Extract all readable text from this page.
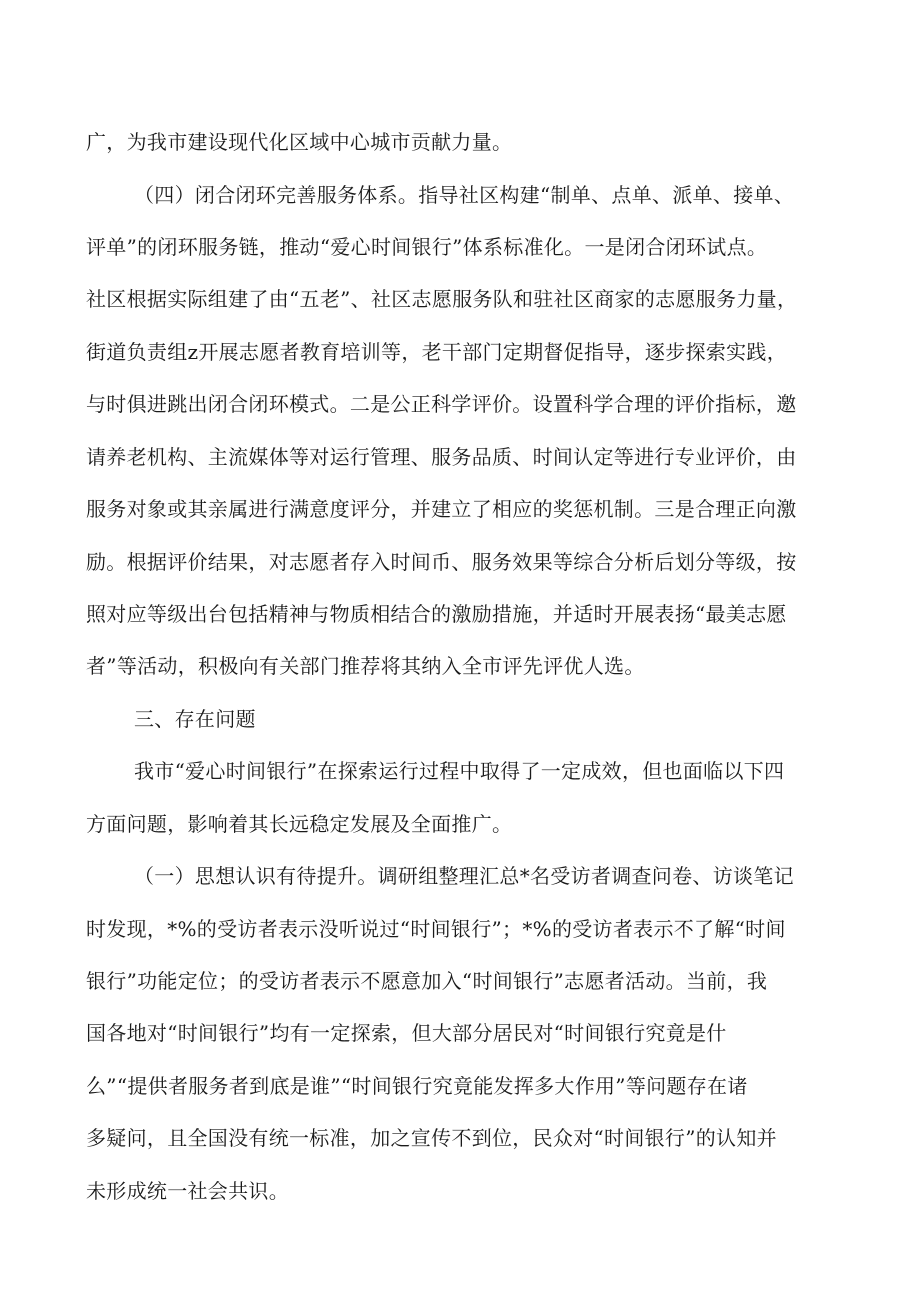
广，为我市建设现代化区域中心城市贡献力量。

（四）闭合闭环完善服务体系。指导社区构建“制单、点单、派单、接单、

评单”的闭环服务链，推动“爱心时间银行”体系标准化。一是闭合闭环试点。

社区根据实际组建了由“五老”、社区志愿服务队和驻社区商家的志愿服务力量，

街道负责组z开展志愿者教育培训等，老干部门定期督促指导，逐步探索实践，

与时俱进跳出闭合闭环模式。二是公正科学评价。设置科学合理的评价指标，邀

请养老机构、主流媒体等对运行管理、服务品质、时间认定等进行专业评价，由

服务对象或其亲属进行满意度评分，并建立了相应的奖惩机制。三是合理正向激

励。根据评价结果，对志愿者存入时间币、服务效果等综合分析后划分等级，按

照对应等级出台包括精神与物质相结合的激励措施，并适时开展表扬“最美志愿

者”等活动，积极向有关部门推荐将其纳入全市评先评优人选。

三、存在问题

我市“爱心时间银行”在探索运行过程中取得了一定成效，但也面临以下四

方面问题，影响着其长远稳定发展及全面推广。

（一）思想认识有待提升。调研组整理汇总*名受访者调查问卷、访谈笔记

时发现，*%的受访者表示没听说过“时间银行”；*%的受访者表示不了解“时间

银行”功能定位；的受访者表示不愿意加入“时间银行”志愿者活动。当前，我

国各地对“时间银行”均有一定探索，但大部分居民对“时间银行究竟是什

么”“提供者服务者到底是谁”“时间银行究竟能发挥多大作用”等问题存在诸

多疑问，且全国没有统一标准，加之宣传不到位，民众对“时间银行”的认知并

未形成统一社会共识。
